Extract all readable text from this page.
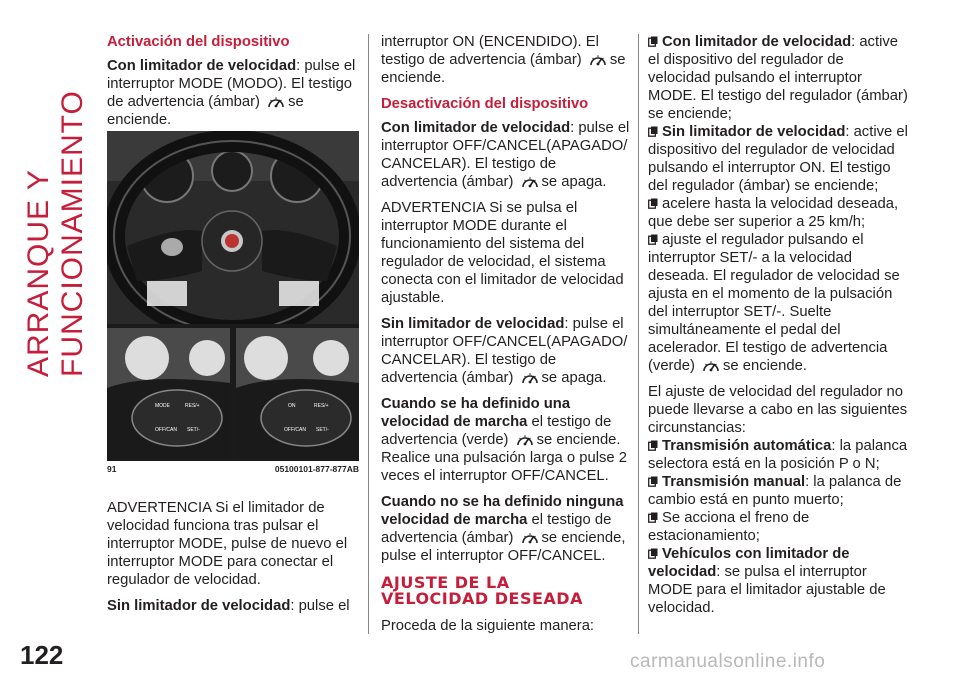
ARRANQUE Y FUNCIONAMIENTO
Activación del dispositivo

Con limitador de velocidad: pulse el interruptor MODE (MODO). El testigo de advertencia (ámbar) se enciende.

MODE	RES/+
OFF/CAN SET/-
ON	RES/+
OFF/CAN SET/-
91	05100101-877-877AB

ADVERTENCIA Si el limitador de velocidad funciona tras pulsar el interruptor MODE, pulse de nuevo el interruptor MODE para conectar el regulador de velocidad.

Sin limitador de velocidad: pulse el

interruptor ON (ENCENDIDO). El testigo de advertencia (ámbar) se enciende.

Desactivación del dispositivo

Con limitador de velocidad: pulse el interruptor OFF/CANCEL(APAGADO/ CANCELAR). El testigo de advertencia (ámbar) se apaga.

ADVERTENCIA Si se pulsa el interruptor MODE durante el funcionamiento del sistema del regulador de velocidad, el sistema conecta con el limitador de velocidad ajustable.

Sin limitador de velocidad: pulse el interruptor OFF/CANCEL(APAGADO/ CANCELAR). El testigo de advertencia (ámbar) se apaga.

Cuando se ha definido una velocidad de marcha el testigo de advertencia (verde) se enciende. Realice una pulsación larga o pulse 2 veces el interruptor OFF/CANCEL.

Cuando no se ha definido ninguna velocidad de marcha el testigo de advertencia (ámbar) se enciende, pulse el interruptor OFF/CANCEL.

AJUSTE DE LA
VELOCIDAD DESEADA

Proceda de la siguiente manera:

Con limitador de velocidad: active el dispositivo del regulador de velocidad pulsando el interruptor MODE. El testigo del regulador (ámbar) se enciende;

Sin limitador de velocidad: active el dispositivo del regulador de velocidad pulsando el interruptor ON. El testigo del regulador (ámbar) se enciende;

acelere hasta la velocidad deseada, que debe ser superior a 25 km/h;

ajuste el regulador pulsando el interruptor SET/- a la velocidad deseada. El regulador de velocidad se ajusta en el momento de la pulsación del interruptor SET/-. Suelte simultáneamente el pedal del acelerador. El testigo de advertencia (verde) se enciende.

El ajuste de velocidad del regulador no puede llevarse a cabo en las siguientes circunstancias:

Transmisión automática: la palanca selectora está en la posición P o N;

Transmisión manual: la palanca de cambio está en punto muerto;

Se acciona el freno de estacionamiento;

Vehículos con limitador de velocidad: se pulsa el interruptor MODE para el limitador ajustable de velocidad.

122	carmanualsonline.info
